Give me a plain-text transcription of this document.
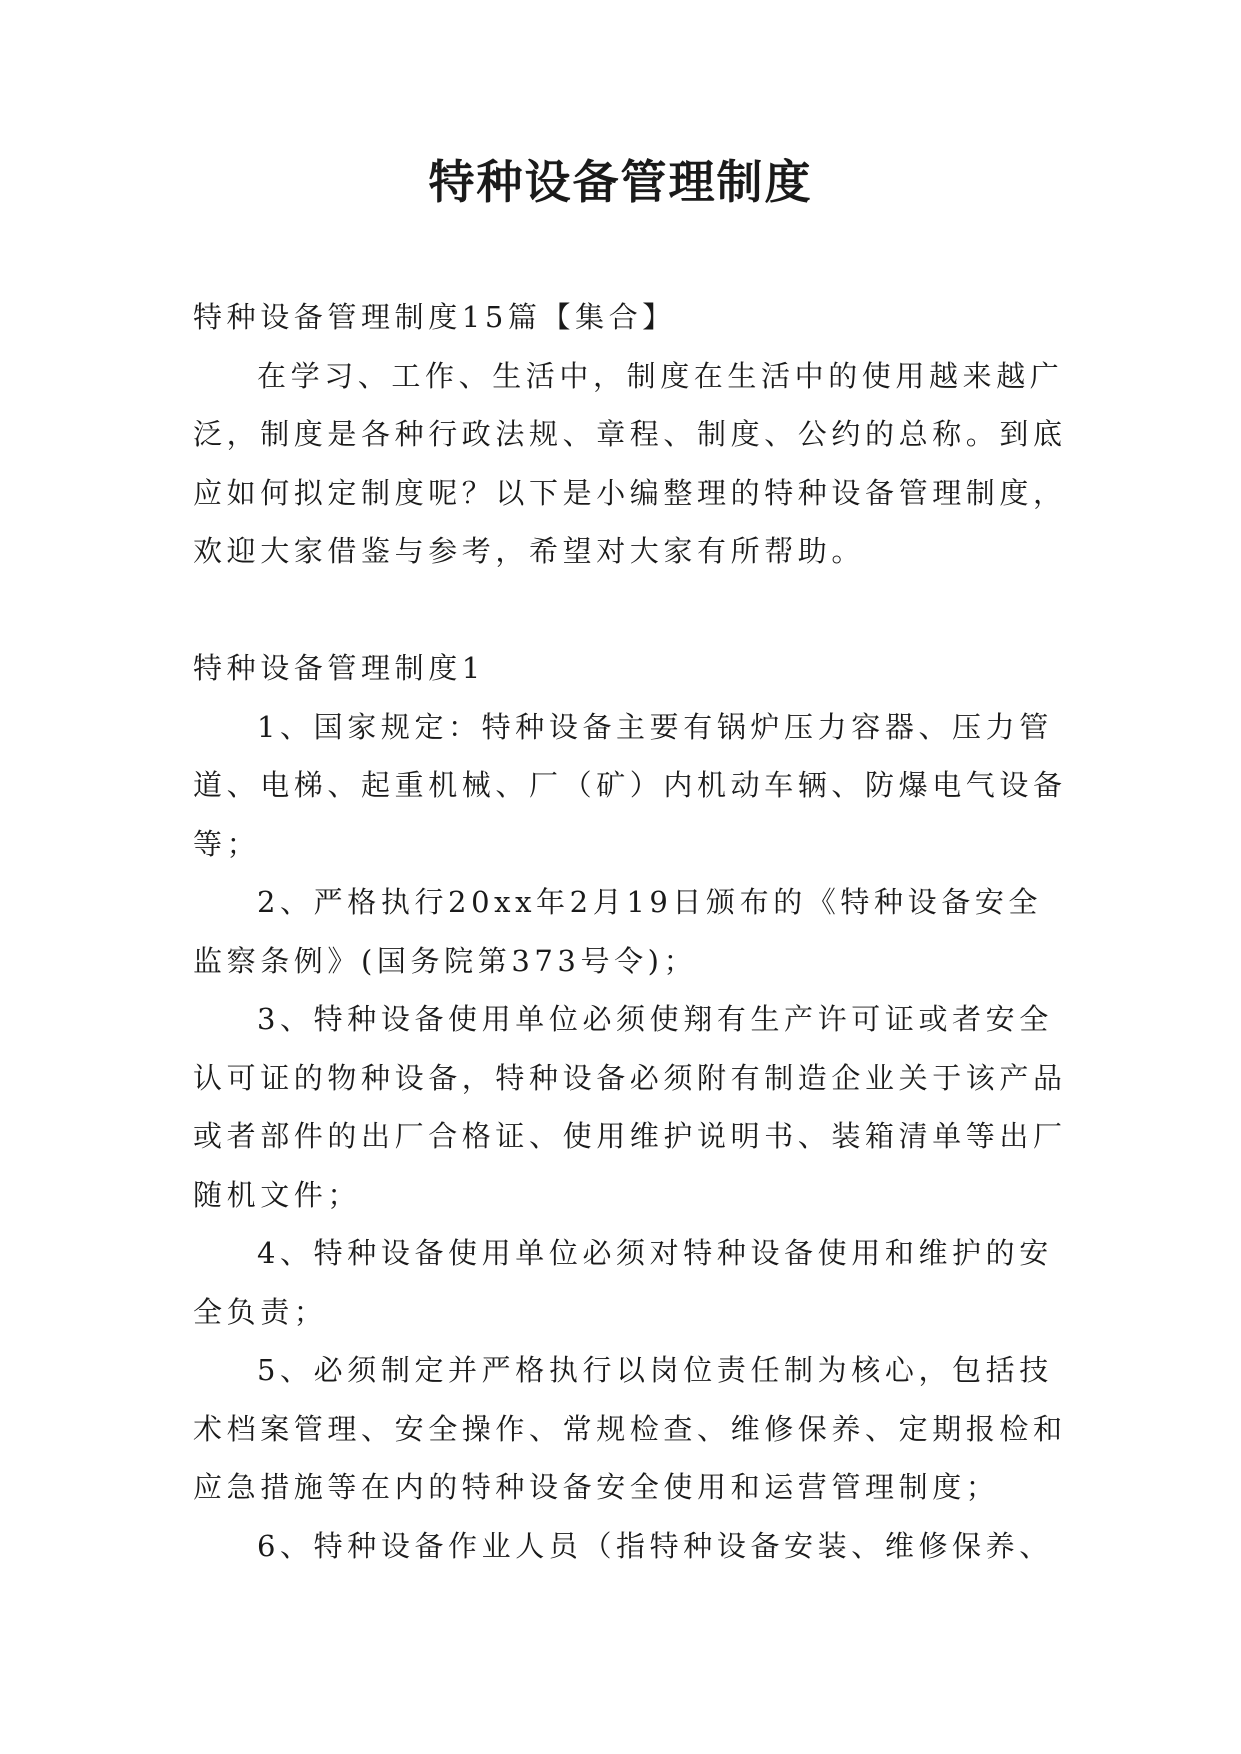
特种设备管理制度

特种设备管理制度15篇【集合】

在学习、工作、生活中，制度在生活中的使用越来越广

泛，制度是各种行政法规、章程、制度、公约的总称。到底

应如何拟定制度呢？以下是小编整理的特种设备管理制度，

欢迎大家借鉴与参考，希望对大家有所帮助。

特种设备管理制度1

1、国家规定：特种设备主要有锅炉压力容器、压力管

道、电梯、起重机械、厂（矿）内机动车辆、防爆电气设备

等；

2、严格执行20xx年2月19日颁布的《特种设备安全

监察条例》(国务院第373号令)；

3、特种设备使用单位必须使翔有生产许可证或者安全

认可证的物种设备，特种设备必须附有制造企业关于该产品

或者部件的出厂合格证、使用维护说明书、装箱清单等出厂

随机文件；

4、特种设备使用单位必须对特种设备使用和维护的安

全负责；

5、必须制定并严格执行以岗位责任制为核心，包括技

术档案管理、安全操作、常规检查、维修保养、定期报检和

应急措施等在内的特种设备安全使用和运营管理制度；

6、特种设备作业人员（指特种设备安装、维修保养、
